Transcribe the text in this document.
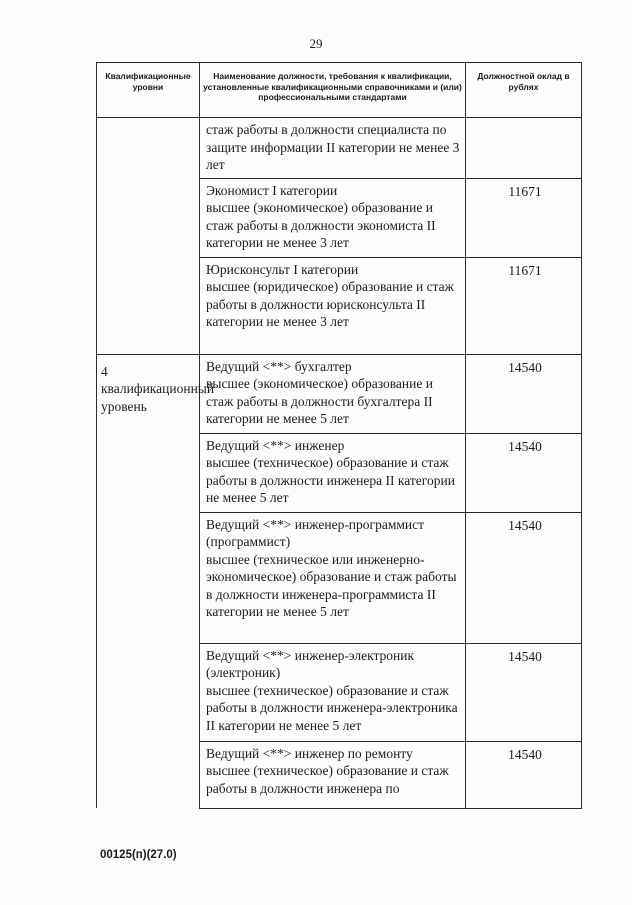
29
Квалификационные уровни	Наименование должности, требования к квалификации, установленные квалификационными справочниками и (или) профессиональными стандартами	Должностной оклад в рублях

	стаж работы в должности специалиста по защите информации II категории не менее 3 лет	

	Экономист I категории
высшее (экономическое) образование и стаж работы в должности экономиста II категории не менее 3 лет	11671

	Юрисконсульт I категории
высшее (юридическое) образование и стаж работы в должности юрисконсульта II категории не менее 3 лет	11671
4 квалификационный уровень	Ведущий <**> бухгалтер
высшее (экономическое) образование и стаж работы в должности бухгалтера II категории не менее 5 лет	14540

	Ведущий <**> инженер
высшее (техническое) образование и стаж работы в должности инженера II категории не менее 5 лет	14540

	Ведущий <**> инженер-программист (программист)
высшее (техническое или инженерно-экономическое) образование и стаж работы в должности инженера-программиста II категории не менее 5 лет	14540

	Ведущий <**> инженер-электроник (электроник)
высшее (техническое) образование и стаж работы в должности инженера-электроника II категории не менее 5 лет	14540

	Ведущий <**> инженер по ремонту
высшее (техническое) образование и стаж работы в должности инженера по	14540
00125(п)(27.0)
